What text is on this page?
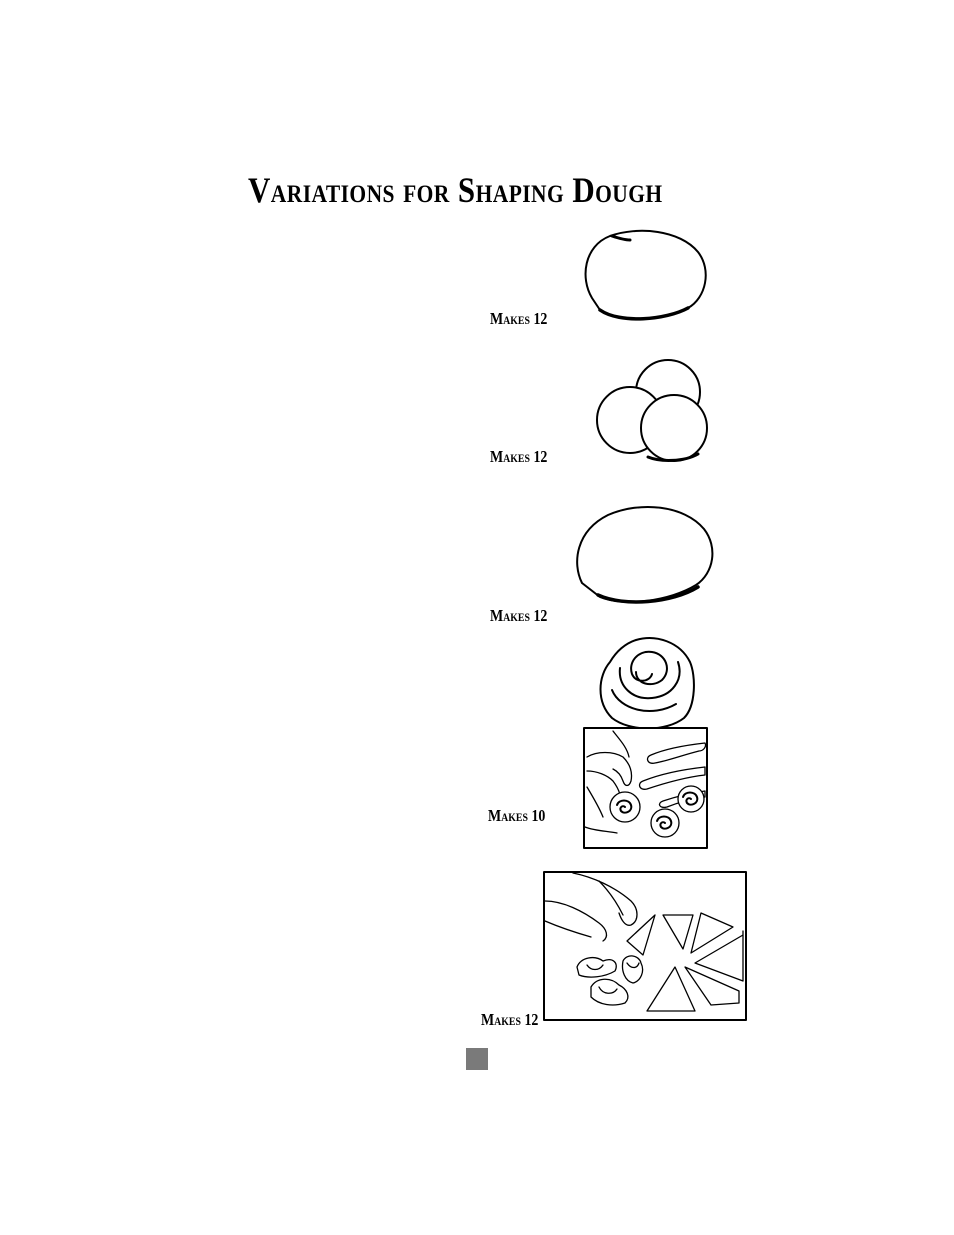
Variations for Shaping Dough
Makes 12
Makes 12
Makes 12
Makes 10
Makes 12
